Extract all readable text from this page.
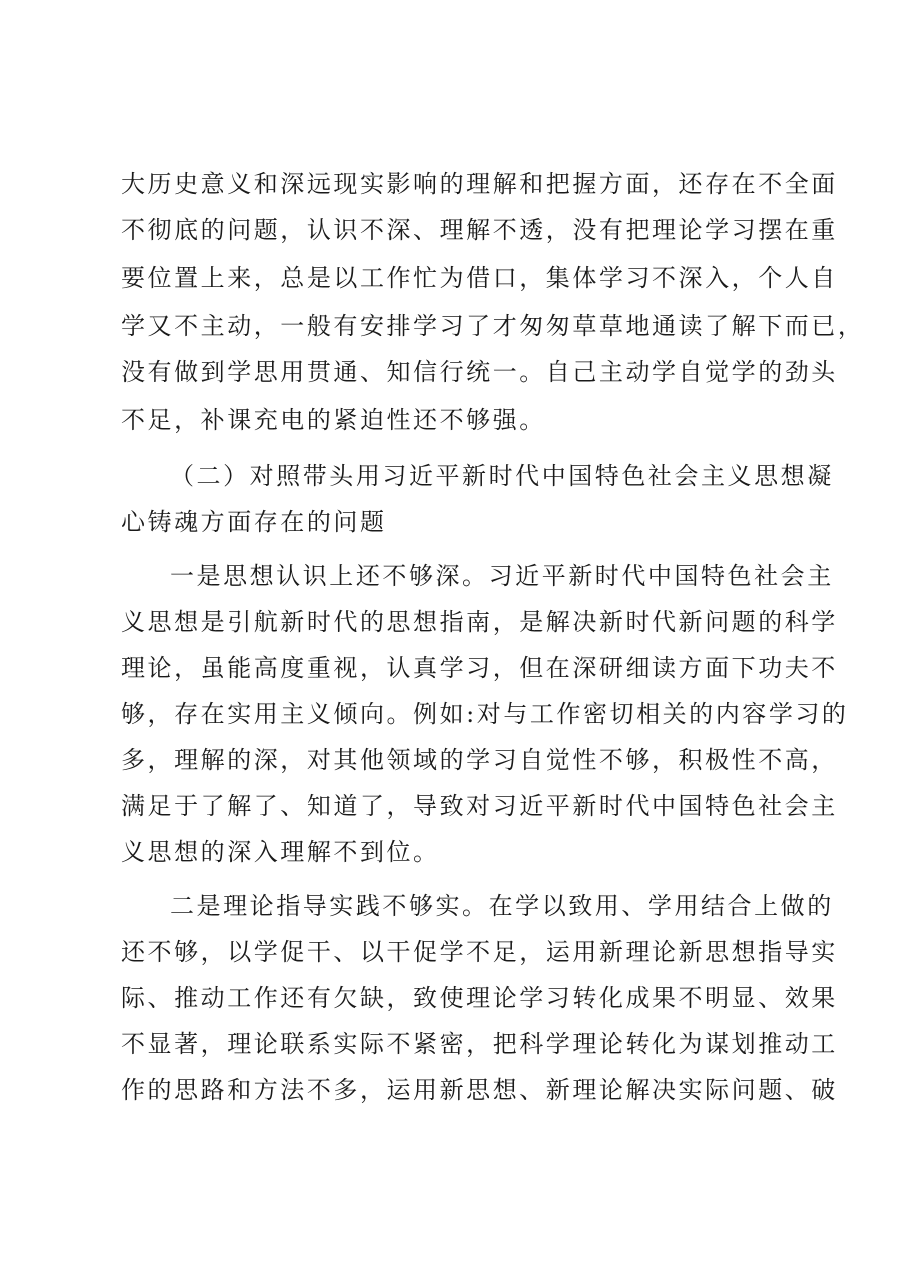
大历史意义和深远现实影响的理解和把握方面，还存在不全面
不彻底的问题，认识不深、理解不透，没有把理论学习摆在重
要位置上来，总是以工作忙为借口，集体学习不深入，个人自
学又不主动，一般有安排学习了才匆匆草草地通读了解下而已，
没有做到学思用贯通、知信行统一。自己主动学自觉学的劲头
不足，补课充电的紧迫性还不够强。
（二）对照带头用习近平新时代中国特色社会主义思想凝
心铸魂方面存在的问题
一是思想认识上还不够深。习近平新时代中国特色社会主
义思想是引航新时代的思想指南，是解决新时代新问题的科学
理论，虽能高度重视，认真学习，但在深研细读方面下功夫不
够，存在实用主义倾向。例如:对与工作密切相关的内容学习的
多，理解的深，对其他领域的学习自觉性不够，积极性不高，
满足于了解了、知道了，导致对习近平新时代中国特色社会主
义思想的深入理解不到位。
二是理论指导实践不够实。在学以致用、学用结合上做的
还不够，以学促干、以干促学不足，运用新理论新思想指导实
际、推动工作还有欠缺，致使理论学习转化成果不明显、效果
不显著，理论联系实际不紧密，把科学理论转化为谋划推动工
作的思路和方法不多，运用新思想、新理论解决实际问题、破
